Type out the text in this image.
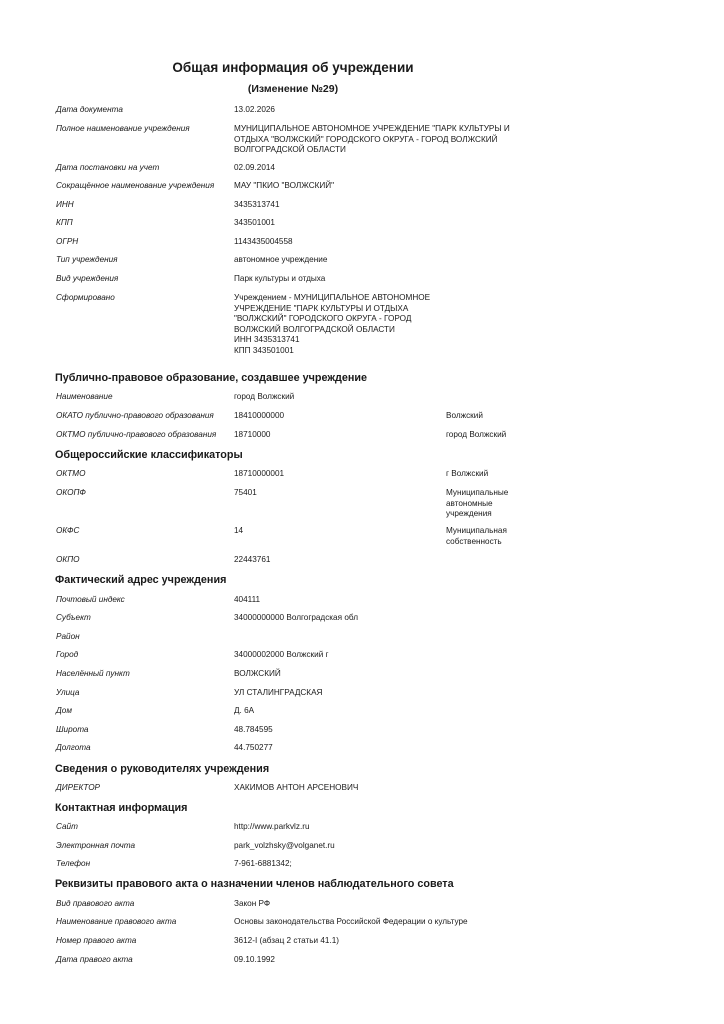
Общая информация об учреждении
(Изменение №29)
Дата документа	13.02.2026
Полное наименование учреждения	МУНИЦИПАЛЬНОЕ АВТОНОМНОЕ УЧРЕЖДЕНИЕ "ПАРК КУЛЬТУРЫ И ОТДЫХА "ВОЛЖСКИЙ" ГОРОДСКОГО ОКРУГА - ГОРОД ВОЛЖСКИЙ ВОЛГОГРАДСКОЙ ОБЛАСТИ
Дата постановки на учет	02.09.2014
Сокращённое наименование учреждения	МАУ "ПКИО "ВОЛЖСКИЙ"
ИНН	3435313741
КПП	343501001
ОГРН	1143435004558
Тип учреждения	автономное учреждение
Вид учреждения	Парк культуры и отдыха
Сформировано	Учреждением - МУНИЦИПАЛЬНОЕ АВТОНОМНОЕ УЧРЕЖДЕНИЕ "ПАРК КУЛЬТУРЫ И ОТДЫХА "ВОЛЖСКИЙ" ГОРОДСКОГО ОКРУГА - ГОРОД ВОЛЖСКИЙ ВОЛГОГРАДСКОЙ ОБЛАСТИ
ИНН 3435313741
КПП 343501001
Публично-правовое образование, создавшее учреждение
Наименование	город Волжский
ОКАТО публично-правового образования	18410000000	Волжский
ОКТМО публично-правового образования	18710000	город Волжский
Общероссийские классификаторы
ОКТМО	18710000001	г Волжский
ОКОПФ	75401	Муниципальные автономные учреждения
ОКФС	14	Муниципальная собственность
ОКПО	22443761
Фактический адрес учреждения
Почтовый индекс	404111
Субъект	34000000000 Волгоградская обл
Район
Город	34000002000 Волжский г
Населённый пункт	ВОЛЖСКИЙ
Улица	УЛ СТАЛИНГРАДСКАЯ
Дом	Д. 6А
Широта	48.784595
Долгота	44.750277
Сведения о руководителях учреждения
ДИРЕКТОР	ХАКИМОВ АНТОН АРСЕНОВИЧ
Контактная информация
Сайт	http://www.parkvlz.ru
Электронная почта	park_volzhsky@volganet.ru
Телефон	7-961-6881342;
Реквизиты правового акта о назначении членов наблюдательного совета
Вид правового акта	Закон РФ
Наименование правового акта	Основы законодательства Российской Федерации о культуре
Номер правого акта	3612-I (абзац 2 статьи 41.1)
Дата правого акта	09.10.1992
